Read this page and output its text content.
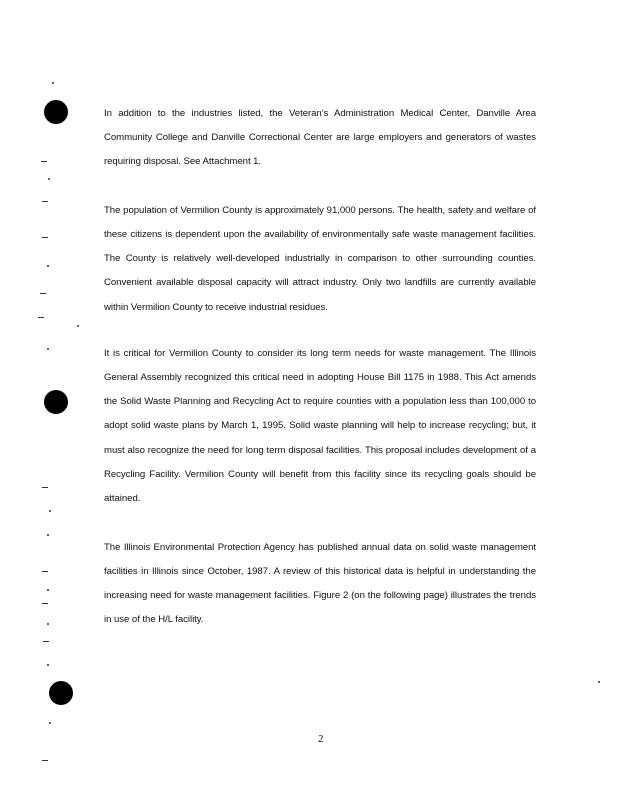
In addition to the industries listed, the Veteran's Administration Medical Center, Danville Area Community College and Danville Correctional Center are large employers and generators of wastes requiring disposal. See Attachment 1.

The population of Vermilion County is approximately 91,000 persons. The health, safety and welfare of these citizens is dependent upon the availability of environmentally safe waste management facilities. The County is relatively well-developed industrially in comparison to other surrounding counties. Convenient available disposal capacity will attract industry. Only two landfills are currently available within Vermilion County to receive industrial residues.

It is critical for Vermilion County to consider its long term needs for waste management. The Illinois General Assembly recognized this critical need in adopting House Bill 1175 in 1988. This Act amends the Solid Waste Planning and Recycling Act to require counties with a population less than 100,000 to adopt solid waste plans by March 1, 1995. Solid waste planning will help to increase recycling; but, it must also recognize the need for long term disposal facilities. This proposal includes development of a Recycling Facility. Vermilion County will benefit from this facility since its recycling goals should be attained.

The Illinois Environmental Protection Agency has published annual data on solid waste management facilities in Illinois since October, 1987. A review of this historical data is helpful in understanding the increasing need for waste management facilities. Figure 2 (on the following page) illustrates the trends in use of the H/L facility.

2
